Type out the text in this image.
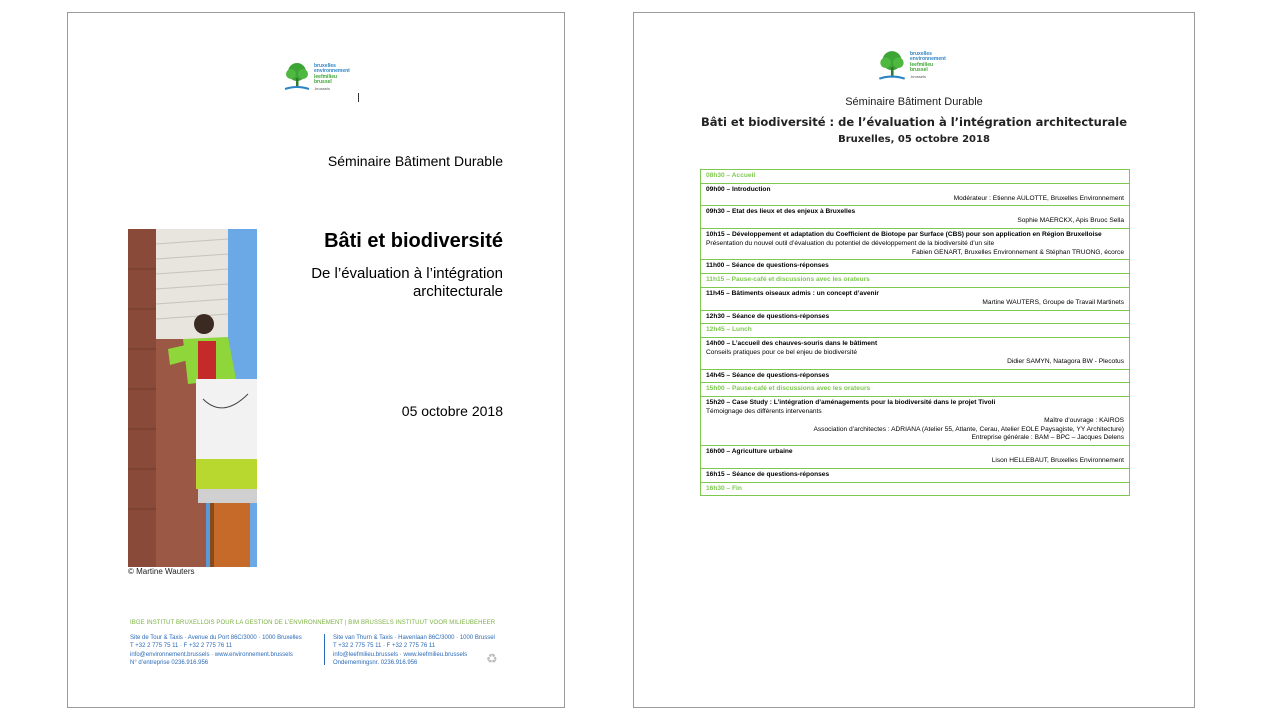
bruxelles
environnement
leefmilieu
brussel
.brussels
Séminaire Bâtiment Durable
© Martine Wauters
Bâti et biodiversité
De l’évaluation à l’intégration architecturale
05 octobre 2018
IBGE INSTITUT BRUXELLOIS POUR LA GESTION DE L’ENVIRONNEMENT | BIM BRUSSELS INSTITUUT VOOR MILIEUBEHEER
Site de Tour & Taxis · Avenue du Port 86C/3000 · 1000 Bruxelles
T +32 2 775 75 11 · F +32 2 775 76 11
info@environnement.brussels · www.environnement.brussels
N° d’entreprise 0236.916.956
Site van Thurn & Taxis · Havenlaan 86C/3000 · 1000 Brussel
T +32 2 775 75 11 · F +32 2 775 76 11
info@leefmilieu.brussels · www.leefmilieu.brussels
Ondernemingsnr. 0236.916.956	♻
bruxelles
environnement
leefmilieu
brussel
.brussels
Séminaire Bâtiment Durable
Bâti et biodiversité : de l’évaluation à l’intégration architecturale
Bruxelles, 05 octobre 2018
08h30 – Accueil
09h00 – Introduction
Modérateur : Etienne AULOTTE, Bruxelles Environnement
09h30 – Etat des lieux et des enjeux à Bruxelles
Sophie MAERCKX, Apis Bruoc Sella
10h15 – Développement et adaptation du Coefficient de Biotope par Surface (CBS) pour son application en Région Bruxelloise
Présentation du nouvel outil d’évaluation du potentiel de développement de la biodiversité d’un site
Fabien GENART, Bruxelles Environnement & Stéphan TRUONG, écorce
11h00 – Séance de questions-réponses
11h15 – Pause-café et discussions avec les orateurs
11h45 – Bâtiments oiseaux admis : un concept d’avenir
Martine WAUTERS, Groupe de Travail Martinets
12h30 – Séance de questions-réponses
12h45 – Lunch
14h00 – L’accueil des chauves-souris dans le bâtiment
Conseils pratiques pour ce bel enjeu de biodiversité
Didier SAMYN, Natagora BW - Plecotus
14h45 – Séance de questions-réponses
15h00 – Pause-café et discussions avec les orateurs
15h20 – Case Study : L’intégration d’aménagements pour la biodiversité dans le projet Tivoli
Témoignage des différents intervenants
Maître d’ouvrage : KAIROS
Association d’architectes : ADRIANA (Atelier 55, Atlante, Cerau, Atelier EOLE Paysagiste, YY Architecture)
Entreprise générale : BAM – BPC – Jacques Delens
16h00 – Agriculture urbaine
Lison HELLEBAUT, Bruxelles Environnement
16h15 – Séance de questions-réponses
16h30 – Fin
